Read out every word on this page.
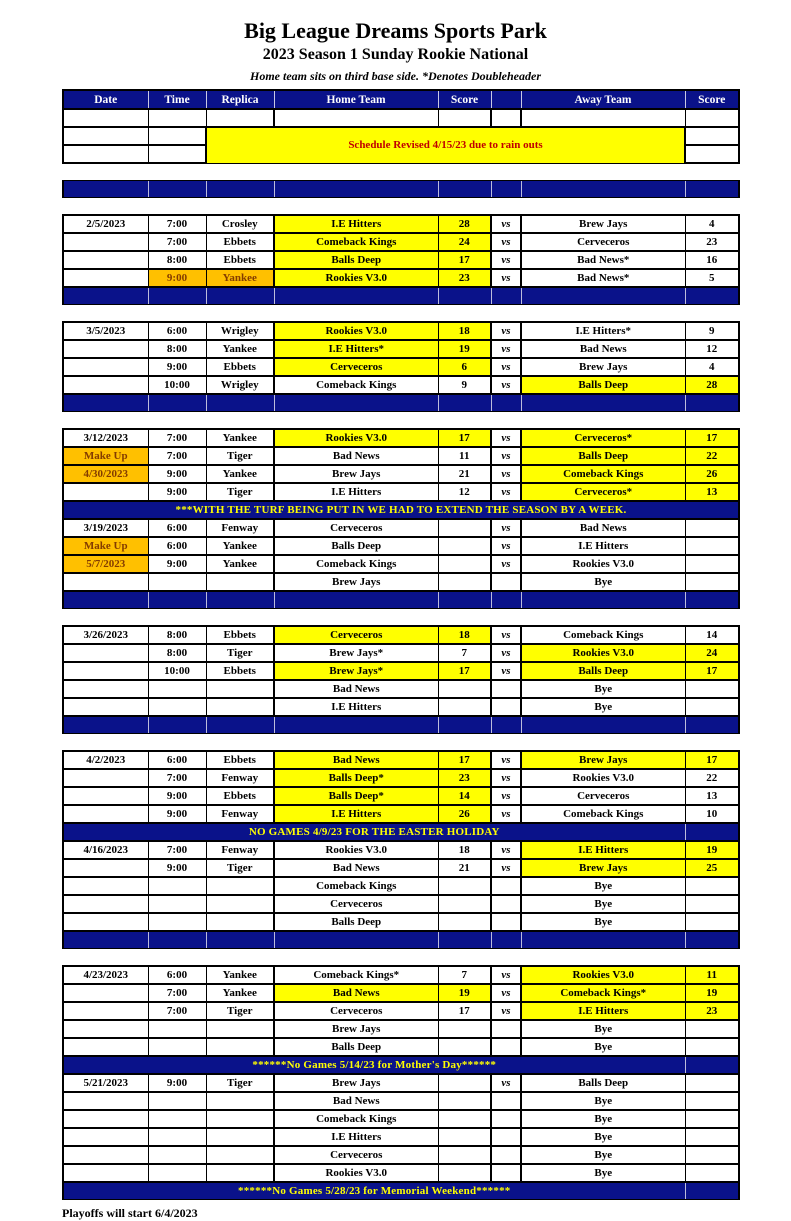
Big League Dreams Sports Park
2023 Season 1 Sunday Rookie National
Home team sits on third base side. *Denotes Doubleheader
Date	Time	Replica	Home Team	Score		Away Team	Score

		Schedule Revised 4/15/23 due to rain outs					

2/5/2023	7:00	Crosley	I.E Hitters	28	vs	Brew Jays	4
	7:00	Ebbets	Comeback Kings	24	vs	Cerveceros	23
	8:00	Ebbets	Balls Deep	17	vs	Bad News*	16
	9:00	Yankee	Rookies V3.0	23	vs	Bad News*	5

3/5/2023	6:00	Wrigley	Rookies V3.0	18	vs	I.E Hitters*	9
	8:00	Yankee	I.E Hitters*	19	vs	Bad News	12
	9:00	Ebbets	Cerveceros	6	vs	Brew Jays	4
	10:00	Wrigley	Comeback Kings	9	vs	Balls Deep	28

3/12/2023	7:00	Yankee	Rookies V3.0	17	vs	Cerveceros*	17
Make Up	7:00	Tiger	Bad News	11	vs	Balls Deep	22
4/30/2023	9:00	Yankee	Brew Jays	21	vs	Comeback Kings	26
	9:00	Tiger	I.E Hitters	12	vs	Cerveceros*	13
***WITH THE TURF BEING PUT IN WE HAD TO EXTEND THE SEASON BY A WEEK.							
3/19/2023	6:00	Fenway	Cerveceros		vs	Bad News	
Make Up	6:00	Yankee	Balls Deep		vs	I.E Hitters	
5/7/2023	9:00	Yankee	Comeback Kings		vs	Rookies V3.0	
			Brew Jays			Bye	

3/26/2023	8:00	Ebbets	Cerveceros	18	vs	Comeback Kings	14
	8:00	Tiger	Brew Jays*	7	vs	Rookies V3.0	24
	10:00	Ebbets	Brew Jays*	17	vs	Balls Deep	17
			Bad News			Bye	
			I.E Hitters			Bye	

4/2/2023	6:00	Ebbets	Bad News	17	vs	Brew Jays	17
	7:00	Fenway	Balls Deep*	23	vs	Rookies V3.0	22
	9:00	Ebbets	Balls Deep*	14	vs	Cerveceros	13
	9:00	Fenway	I.E Hitters	26	vs	Comeback Kings	10
NO GAMES 4/9/23 FOR THE EASTER HOLIDAY							
4/16/2023	7:00	Fenway	Rookies V3.0	18	vs	I.E Hitters	19
	9:00	Tiger	Bad News	21	vs	Brew Jays	25
			Comeback Kings			Bye	
			Cerveceros			Bye	
			Balls Deep			Bye	

4/23/2023	6:00	Yankee	Comeback Kings*	7	vs	Rookies V3.0	11
	7:00	Yankee	Bad News	19	vs	Comeback Kings*	19
	7:00	Tiger	Cerveceros	17	vs	I.E Hitters	23
			Brew Jays			Bye	
			Balls Deep			Bye	
******No Games 5/14/23 for Mother's Day******							
5/21/2023	9:00	Tiger	Brew Jays		vs	Balls Deep	
			Bad News			Bye	
			Comeback Kings			Bye	
			I.E Hitters			Bye	
			Cerveceros			Bye	
			Rookies V3.0			Bye	
******No Games 5/28/23 for Memorial Weekend******							
Playoffs will start 6/4/2023
